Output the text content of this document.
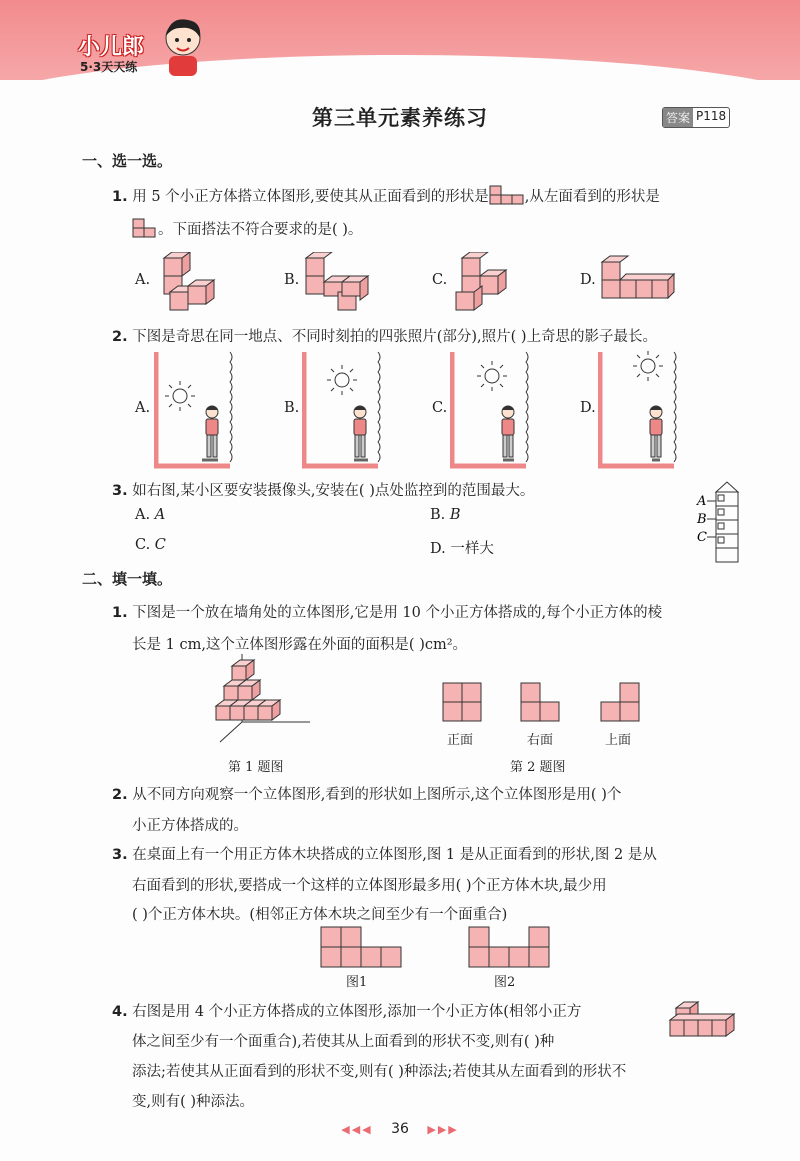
小儿郎
5·3天天练
第三单元素养练习	答案 P118
一、选一选。
1. 用 5 个小正方体搭立体图形,要使其从正面看到的形状是 ,从左面看到的形状是
。下面搭法不符合要求的是( )。
A.	B.	C.	D.
2. 下图是奇思在同一地点、不同时刻拍的四张照片(部分),照片( )上奇思的影子最长。
A.	B.	C.	D.
3. 如右图,某小区要安装摄像头,安装在( )点处监控到的范围最大。
A. A	B. B
C. C	D. 一样大
A
B
C
二、填一填。
1. 下图是一个放在墙角处的立体图形,它是用 10 个小正方体搭成的,每个小正方体的棱
长是 1 cm,这个立体图形露在外面的面积是( )cm²。
第 1 题图
正面	右面	上面
第 2 题图
2. 从不同方向观察一个立体图形,看到的形状如上图所示,这个立体图形是用( )个
小正方体搭成的。
3. 在桌面上有一个用正方体木块搭成的立体图形,图 1 是从正面看到的形状,图 2 是从
右面看到的形状,要搭成一个这样的立体图形最多用( )个正方体木块,最少用
( )个正方体木块。(相邻正方体木块之间至少有一个面重合)
图1	图2
4. 右图是用 4 个小正方体搭成的立体图形,添加一个小正方体(相邻小正方
体之间至少有一个面重合),若使其从上面看到的形状不变,则有( )种
添法;若使其从正面看到的形状不变,则有( )种添法;若使其从左面看到的形状不
变,则有( )种添法。
◀◀◀ 36 ▶▶▶
